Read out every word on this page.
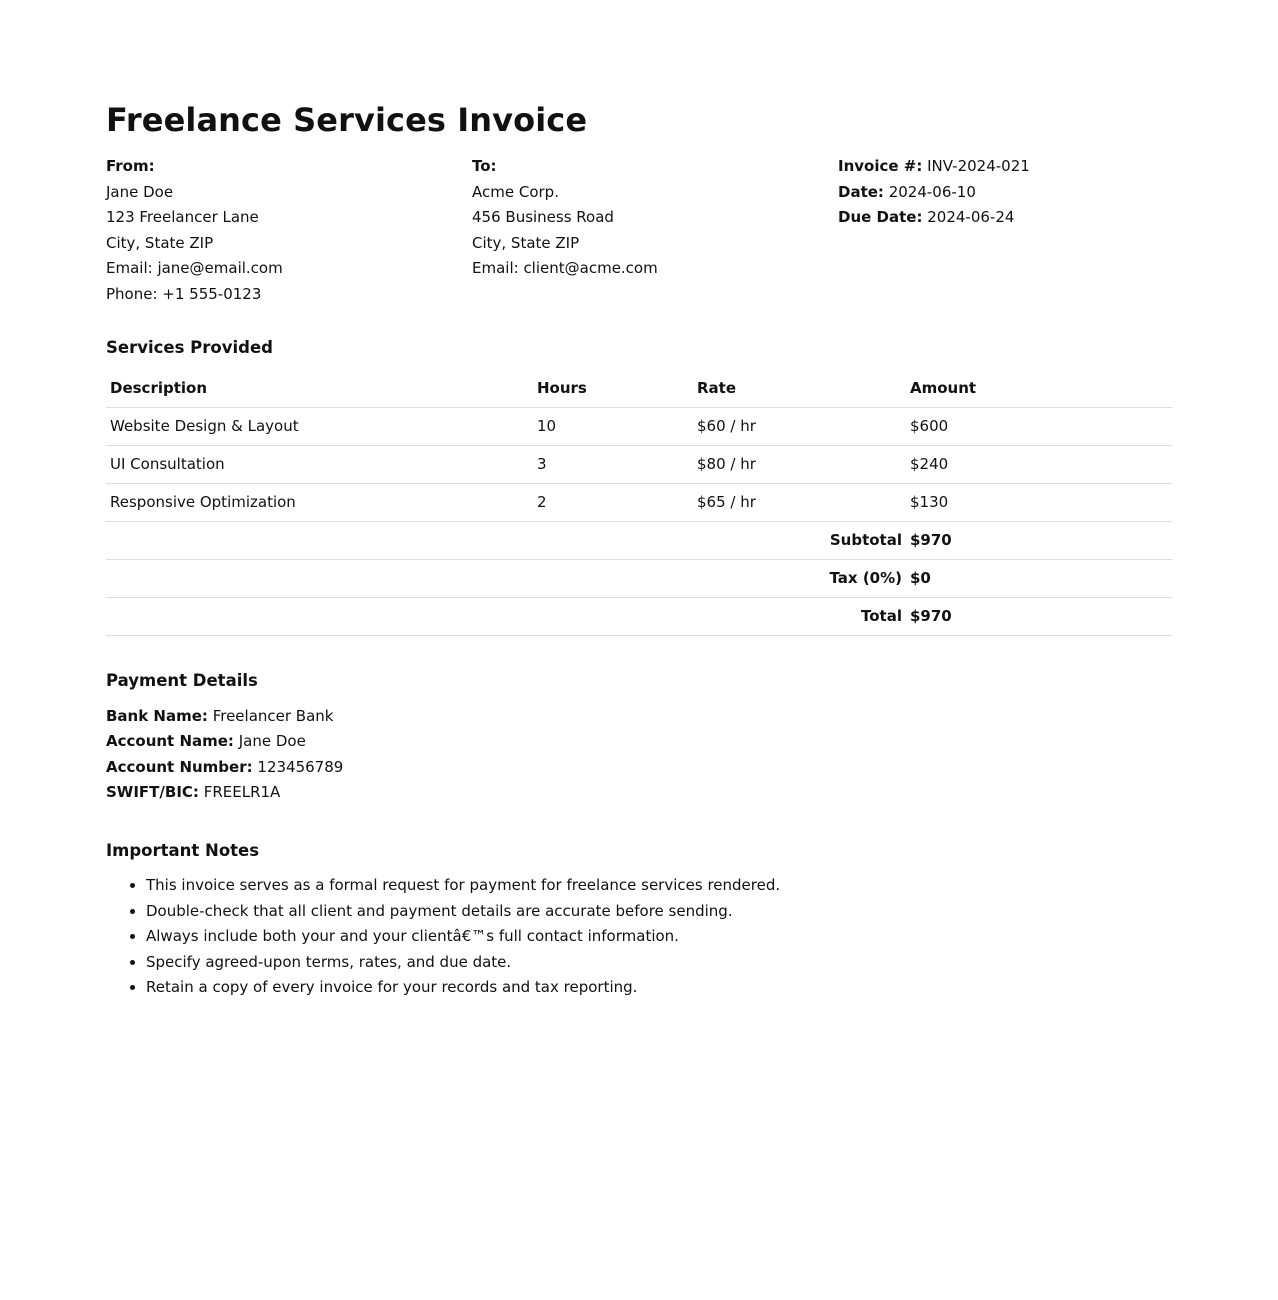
Freelance Services Invoice
From:
Jane Doe
123 Freelancer Lane
City, State ZIP
Email: jane@email.com
Phone: +1 555-0123
To:
Acme Corp.
456 Business Road
City, State ZIP
Email: client@acme.com
Invoice #: INV-2024-021
Date: 2024-06-10
Due Date: 2024-06-24
Services Provided
Description	Hours	Rate	Amount
Website Design & Layout	10	$60 / hr	$600
UI Consultation	3	$80 / hr	$240
Responsive Optimization	2	$65 / hr	$130
Subtotal			$970
Tax (0%)			$0
Total			$970
Payment Details
Bank Name: Freelancer Bank
Account Name: Jane Doe
Account Number: 123456789
SWIFT/BIC: FREELR1A
Important Notes
• This invoice serves as a formal request for payment for freelance services rendered.
• Double-check that all client and payment details are accurate before sending.
• Always include both your and your clientâ€™s full contact information.
• Specify agreed-upon terms, rates, and due date.
• Retain a copy of every invoice for your records and tax reporting.
